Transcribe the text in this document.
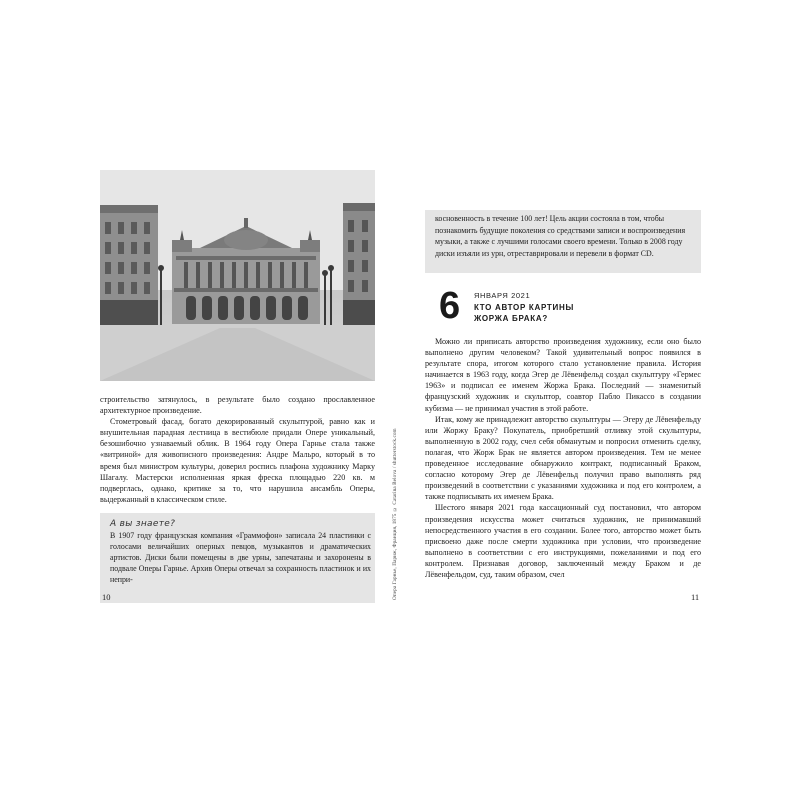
строительство затянулось, в результате было создано прославленное архитектурное произведение.

Стометровый фасад, богато декорированный скульптурой, равно как и внушительная парадная лестница в вестибюле придали Опере уникальный, безошибочно узнаваемый облик. В 1964 году Опера Гарнье стала также «витриной» для живописного произведения: Андре Мальро, который в то время был министром культуры, доверил роспись плафона художнику Марку Шагалу. Мастерски исполненная яркая фреска площадью 220 кв. м подверглась, однако, критике за то, что нарушила ансамбль Оперы, выдержанный в классическом стиле.

А вы знаете?

В 1907 году французская компания «Граммофон» записала 24 пластинки с голосами величайших оперных певцов, музыкантов и драматических артистов. Диски были помещены в две урны, запечатаны и захоронены в подвале Оперы Гарнье. Архив Оперы отвечал за сохранность пластинок и их непри-

10	Опера Гарнье, Париж, Франция, 1875 © Catarina Belova / shutterstock.com

косновенность в течение 100 лет! Цель акции состояла в том, чтобы познакомить будущие поколения со средствами записи и воспроизведения музыки, а также с лучшими голосами своего времени. Только в 2008 году диски изъяли из урн, отреставрировали и перевели в формат CD.

6 ЯНВАРЯ 2021
КТО АВТОР КАРТИНЫ
ЖОРЖА БРАКА?

Можно ли приписать авторство произведения художнику, если оно было выполнено другим человеком? Такой удивительный вопрос появился в результате спора, итогом которого стало установление правила. История начинается в 1963 году, когда Эгер де Лёвенфельд создал скульптуру «Гермес 1963» и подписал ее именем Жоржа Брака. Последний — знаменитый французский художник и скульптор, соавтор Пабло Пикассо в создании кубизма — не принимал участия в этой работе.

Итак, кому же принадлежит авторство скульптуры — Эгеру де Лёвенфельду или Жоржу Браку? Покупатель, приобретший отливку этой скульптуры, выполненную в 2002 году, счел себя обманутым и попросил отменить сделку, полагая, что Жорж Брак не является автором произведения. Тем не менее проведенное исследование обнаружило контракт, подписанный Браком, согласно которому Эгер де Лёвенфельд получил право выполнять ряд произведений в соответствии с указаниями художника и под его контролем, а также подписывать их именем Брака.

Шестого января 2021 года кассационный суд постановил, что автором произведения искусства может считаться художник, не принимавший непосредственного участия в его создании. Более того, авторство может быть присвоено даже после смерти художника при условии, что произведение выполнено в соответствии с его инструкциями, пожеланиями и под его контролем. Признавая договор, заключенный между Браком и де Лёвенфельдом, суд, таким образом, счел

11
